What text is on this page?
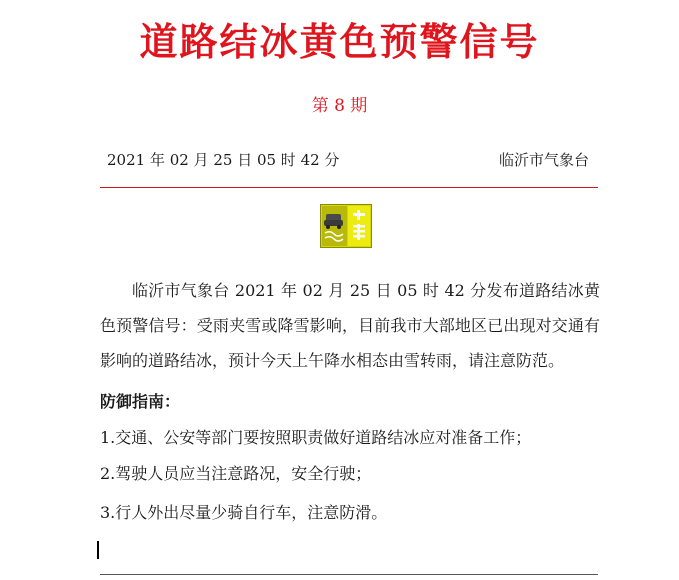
道路结冰黄色预警信号
第 8 期
2021 年 02 月 25 日 05 时 42 分	临沂市气象台
临沂市气象台 2021 年 02 月 25 日 05 时 42 分发布道路结冰黄色预警信号：受雨夹雪或降雪影响，目前我市大部地区已出现对交通有影响的道路结冰，预计今天上午降水相态由雪转雨，请注意防范。
防御指南：
1.交通、公安等部门要按照职责做好道路结冰应对准备工作；
2.驾驶人员应当注意路况，安全行驶；
3.行人外出尽量少骑自行车，注意防滑。
